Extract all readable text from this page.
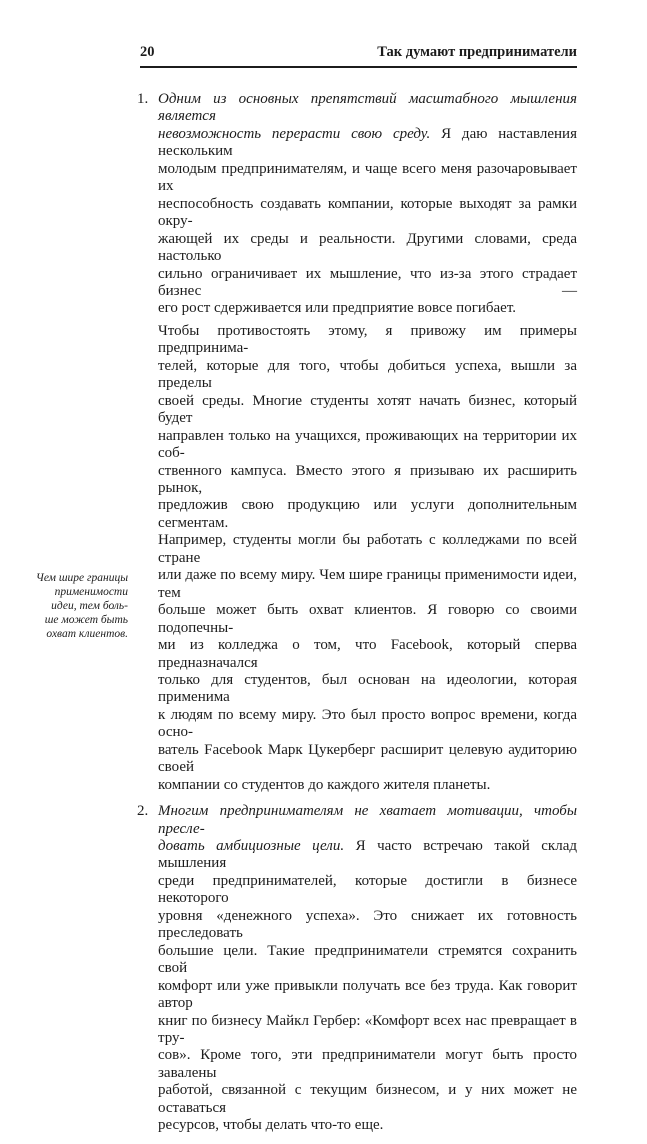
20	Так думают предприниматели
Чем шире границы
применимости
идеи, тем боль-
ше может быть
охват клиентов.
1. Одним из основных препятствий масштабного мышления является
невозможность перерасти свою среду. Я даю наставления нескольким
молодым предпринимателям, и чаще всего меня разочаровывает их
неспособность создавать компании, которые выходят за рамки окру-
жающей их среды и реальности. Другими словами, среда настолько
сильно ограничивает их мышление, что из-за этого страдает бизнес —
его рост сдерживается или предприятие вовсе погибает.
Чтобы противостоять этому, я привожу им примеры предпринима-
телей, которые для того, чтобы добиться успеха, вышли за пределы
своей среды. Многие студенты хотят начать бизнес, который будет
направлен только на учащихся, проживающих на территории их соб-
ственного кампуса. Вместо этого я призываю их расширить рынок,
предложив свою продукцию или услуги дополнительным сегментам.
Например, студенты могли бы работать с колледжами по всей стране
или даже по всему миру. Чем шире границы применимости идеи, тем
больше может быть охват клиентов. Я говорю со своими подопечны-
ми из колледжа о том, что Facebook, который сперва предназначался
только для студентов, был основан на идеологии, которая применима
к людям по всему миру. Это был просто вопрос времени, когда осно-
ватель Facebook Марк Цукерберг расширит целевую аудиторию своей
компании со студентов до каждого жителя планеты.
2. Многим предпринимателям не хватает мотивации, чтобы пресле-
довать амбициозные цели. Я часто встречаю такой склад мышления
среди предпринимателей, которые достигли в бизнесе некоторого
уровня «денежного успеха». Это снижает их готовность преследовать
большие цели. Такие предприниматели стремятся сохранить свой
комфорт или уже привыкли получать все без труда. Как говорит автор
книг по бизнесу Майкл Гербер: «Комфорт всех нас превращает в тру-
сов». Кроме того, эти предприниматели могут быть просто завалены
работой, связанной с текущим бизнесом, и у них может не оставаться
ресурсов, чтобы делать что-то еще.
